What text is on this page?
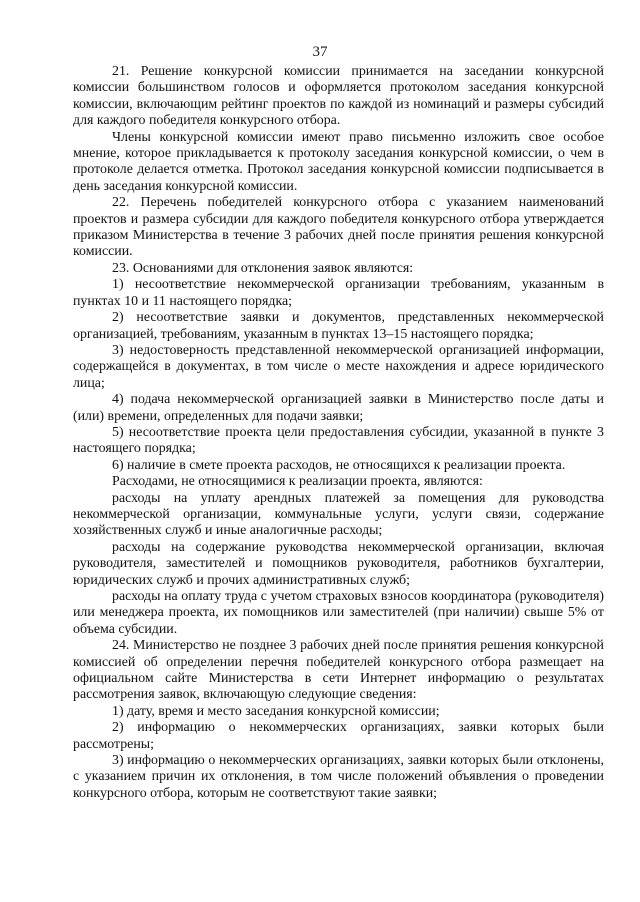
37

21. Решение конкурсной комиссии принимается на заседании конкурсной комиссии большинством голосов и оформляется протоколом заседания конкурсной комиссии, включающим рейтинг проектов по каждой из номинаций и размеры субсидий для каждого победителя конкурсного отбора.

Члены конкурсной комиссии имеют право письменно изложить свое особое мнение, которое прикладывается к протоколу заседания конкурсной комиссии, о чем в протоколе делается отметка. Протокол заседания конкурсной комиссии подписывается в день заседания конкурсной комиссии.

22. Перечень победителей конкурсного отбора с указанием наименований проектов и размера субсидии для каждого победителя конкурсного отбора утверждается приказом Министерства в течение 3 рабочих дней после принятия решения конкурсной комиссии.

23. Основаниями для отклонения заявок являются:

1) несоответствие некоммерческой организации требованиям, указанным в пунктах 10 и 11 настоящего порядка;

2) несоответствие заявки и документов, представленных некоммерческой организацией, требованиям, указанным в пунктах 13–15 настоящего порядка;

3) недостоверность представленной некоммерческой организацией информации, содержащейся в документах, в том числе о месте нахождения и адресе юридического лица;

4) подача некоммерческой организацией заявки в Министерство после даты и (или) времени, определенных для подачи заявки;

5) несоответствие проекта цели предоставления субсидии, указанной в пункте 3 настоящего порядка;

6) наличие в смете проекта расходов, не относящихся к реализации проекта.

Расходами, не относящимися к реализации проекта, являются:

расходы на уплату арендных платежей за помещения для руководства некоммерческой организации, коммунальные услуги, услуги связи, содержание хозяйственных служб и иные аналогичные расходы;

расходы на содержание руководства некоммерческой организации, включая руководителя, заместителей и помощников руководителя, работников бухгалтерии, юридических служб и прочих административных служб;

расходы на оплату труда с учетом страховых взносов координатора (руководителя) или менеджера проекта, их помощников или заместителей (при наличии) свыше 5% от объема субсидии.

24. Министерство не позднее 3 рабочих дней после принятия решения конкурсной комиссией об определении перечня победителей конкурсного отбора размещает на официальном сайте Министерства в сети Интернет информацию о результатах рассмотрения заявок, включающую следующие сведения:

1) дату, время и место заседания конкурсной комиссии;

2) информацию о некоммерческих организациях, заявки которых были рассмотрены;

3) информацию о некоммерческих организациях, заявки которых были отклонены, с указанием причин их отклонения, в том числе положений объявления о проведении конкурсного отбора, которым не соответствуют такие заявки;
